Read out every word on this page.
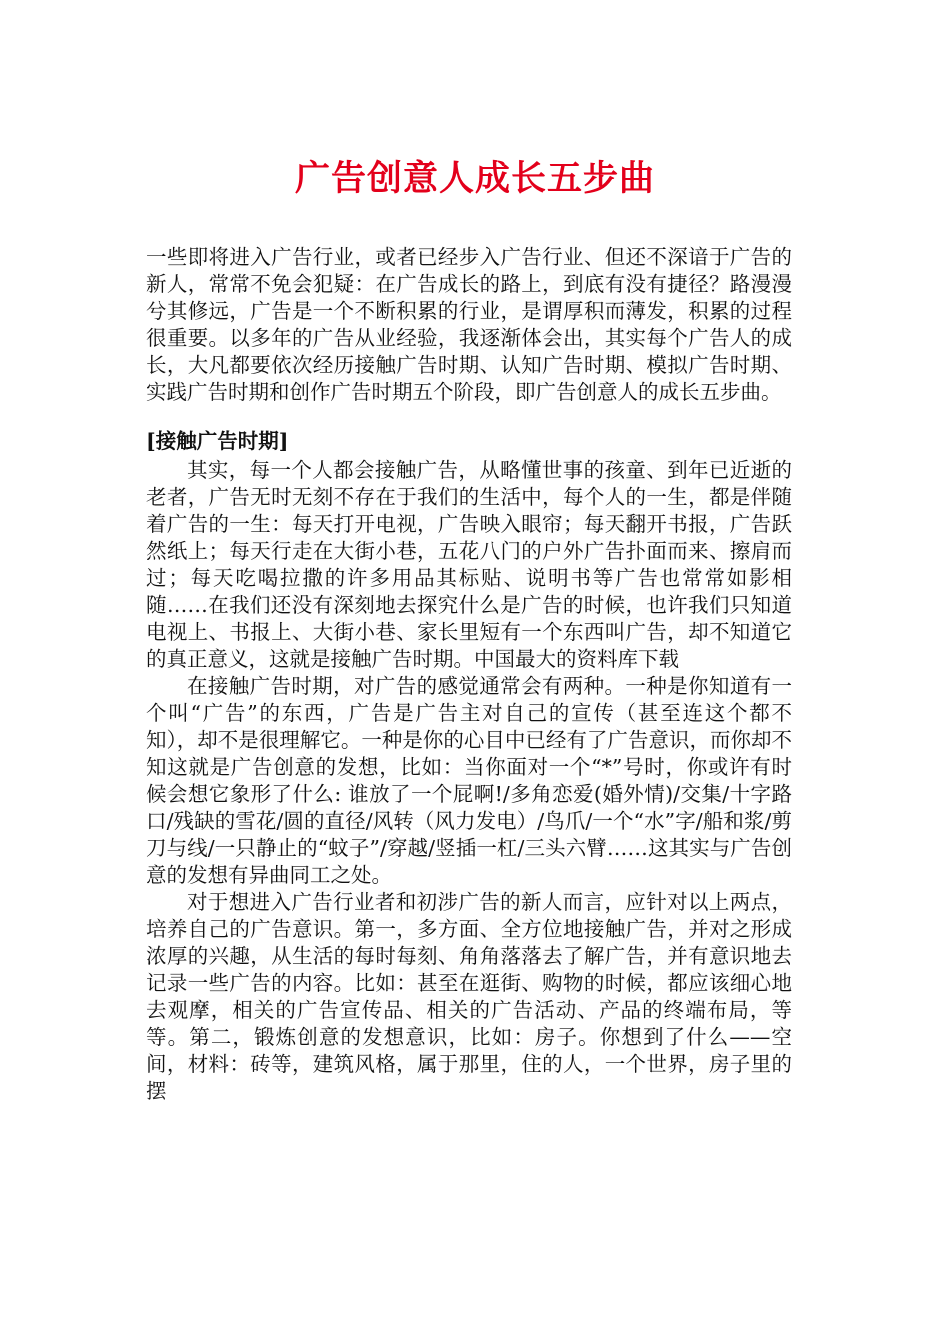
广告创意人成长五步曲

一些即将进入广告行业，或者已经步入广告行业、但还不深谙于广告的新人，常常不免会犯疑：在广告成长的路上，到底有没有捷径？路漫漫兮其修远，广告是一个不断积累的行业，是谓厚积而薄发，积累的过程很重要。以多年的广告从业经验，我逐渐体会出，其实每个广告人的成长，大凡都要依次经历接触广告时期、认知广告时期、模拟广告时期、实践广告时期和创作广告时期五个阶段，即广告创意人的成长五步曲。

[接触广告时期]

其实，每一个人都会接触广告，从略懂世事的孩童、到年已近逝的老者，广告无时无刻不存在于我们的生活中，每个人的一生，都是伴随着广告的一生：每天打开电视，广告映入眼帘；每天翻开书报，广告跃然纸上；每天行走在大街小巷，五花八门的户外广告扑面而来、擦肩而过；每天吃喝拉撒的许多用品其标贴、说明书等广告也常常如影相随……在我们还没有深刻地去探究什么是广告的时候，也许我们只知道电视上、书报上、大街小巷、家长里短有一个东西叫广告，却不知道它的真正意义，这就是接触广告时期。中国最大的资料库下载

在接触广告时期，对广告的感觉通常会有两种。一种是你知道有一个叫“广告”的东西，广告是广告主对自己的宣传（甚至连这个都不知），却不是很理解它。一种是你的心目中已经有了广告意识，而你却不知这就是广告创意的发想，比如：当你面对一个“*”号时，你或许有时候会想它象形了什么: 谁放了一个屁啊!/多角恋爱(婚外情)/交集/十字路口/残缺的雪花/圆的直径/风转（风力发电）/鸟爪/一个“水”字/船和浆/剪刀与线/一只静止的“蚊子”/穿越/竖插一杠/三头六臂……这其实与广告创意的发想有异曲同工之处。

对于想进入广告行业者和初涉广告的新人而言，应针对以上两点，培养自己的广告意识。第一，多方面、全方位地接触广告，并对之形成浓厚的兴趣，从生活的每时每刻、角角落落去了解广告，并有意识地去记录一些广告的内容。比如：甚至在逛街、购物的时候，都应该细心地去观摩，相关的广告宣传品、相关的广告活动、产品的终端布局，等等。第二，锻炼创意的发想意识，比如：房子。你想到了什么——空间，材料：砖等，建筑风格，属于那里，住的人，一个世界，房子里的摆
